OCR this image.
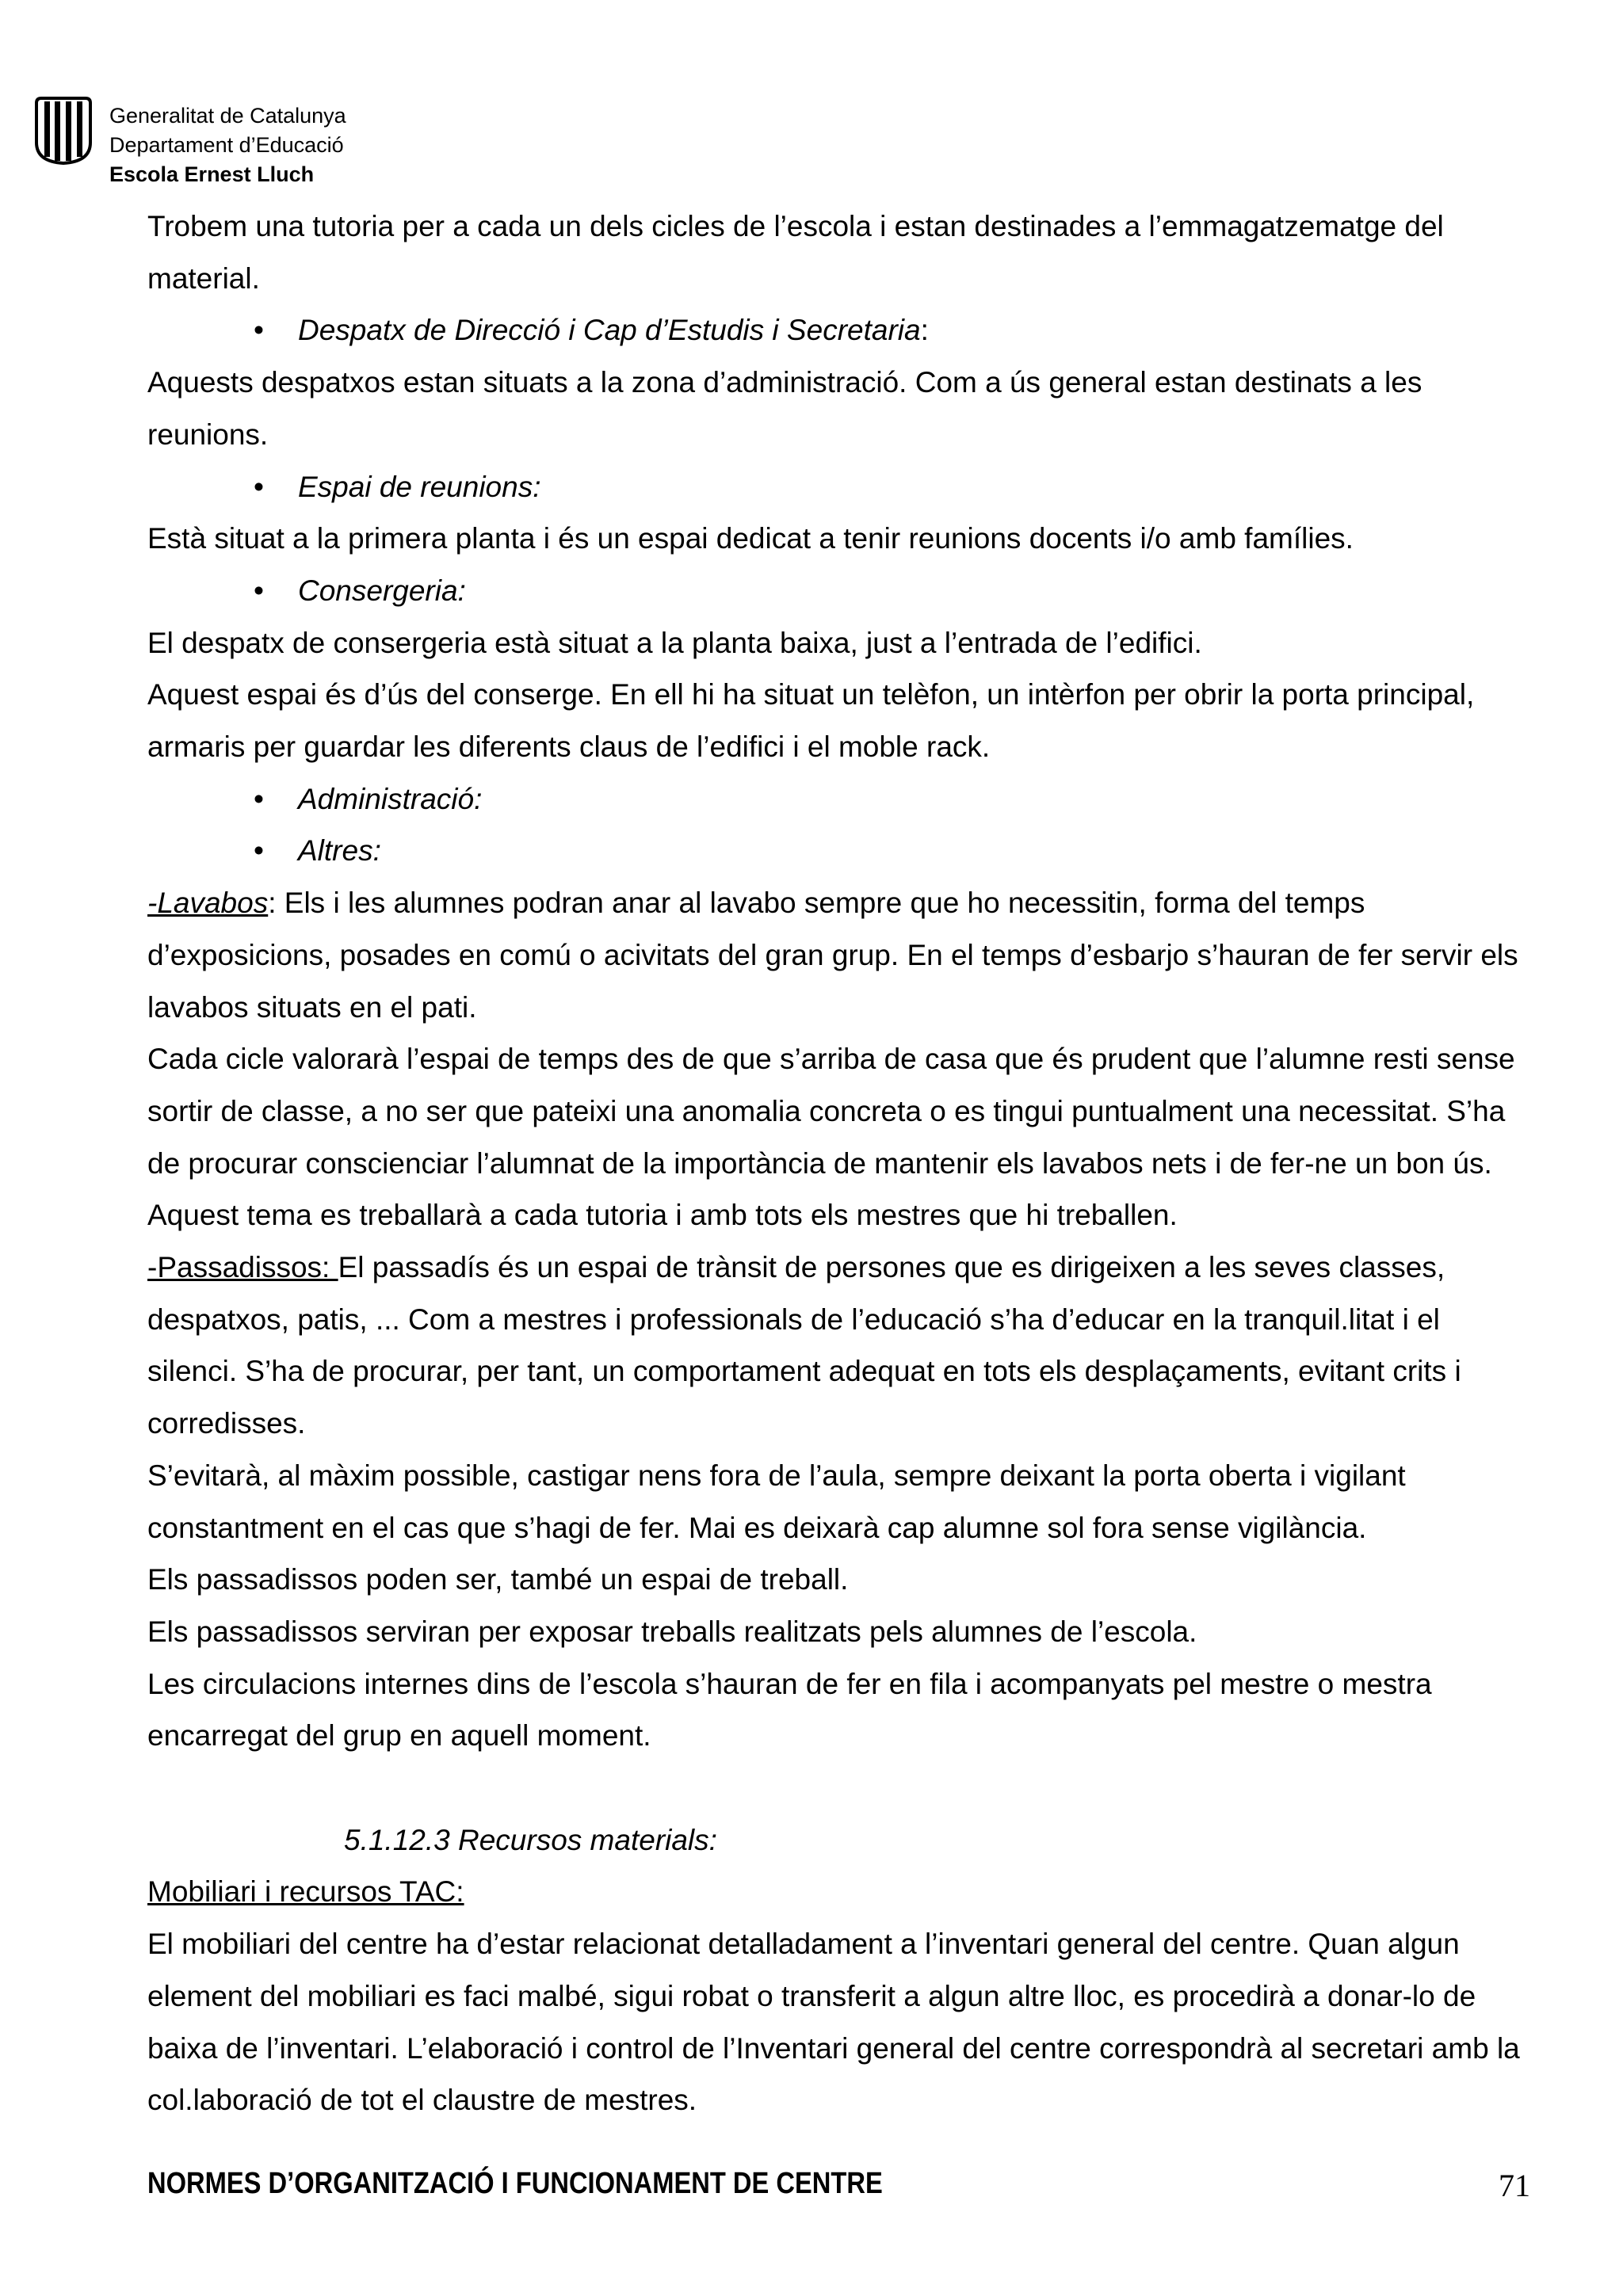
Generalitat de Catalunya
Departament d’Educació
Escola Ernest Lluch

Trobem una tutoria per a cada un dels cicles de l’escola i estan destinades a l’emmagatzematge del material.

• Despatx de Direcció i Cap d’Estudis i Secretaria:

Aquests despatxos estan situats a la zona d’administració. Com a ús general estan destinats a les reunions.

• Espai de reunions:

Està situat a la primera planta i és un espai dedicat a tenir reunions docents i/o amb famílies.

• Consergeria:

El despatx de consergeria està situat a la planta baixa, just a l’entrada de l’edifici.

Aquest espai és d’ús del conserge. En ell hi ha situat un telèfon, un intèrfon per obrir la porta principal, armaris per guardar les diferents claus de l’edifici i el moble rack.

• Administració:

• Altres:

-Lavabos: Els i les alumnes podran anar al lavabo sempre que ho necessitin, forma del temps d’exposicions, posades en comú o acivitats del gran grup. En el temps d’esbarjo s’hauran de fer servir els lavabos situats en el pati.

Cada cicle valorarà l’espai de temps des de que s’arriba de casa que és prudent que l’alumne resti sense sortir de classe, a no ser que pateixi una anomalia concreta o es tingui puntualment una necessitat. S’ha de procurar conscienciar l’alumnat de la importància de mantenir els lavabos nets i de fer-ne un bon ús. Aquest tema es treballarà a cada tutoria i amb tots els mestres que hi treballen.

-Passadissos: El passadís és un espai de trànsit de persones que es dirigeixen a les seves classes, despatxos, patis, ... Com a mestres i professionals de l’educació s’ha d’educar en la tranquil.litat i el silenci. S’ha de procurar, per tant, un comportament adequat en tots els desplaçaments, evitant crits i corredisses.

S’evitarà, al màxim possible, castigar nens fora de l’aula, sempre deixant la porta oberta i vigilant constantment en el cas que s’hagi de fer. Mai es deixarà cap alumne sol fora sense vigilància.

Els passadissos poden ser, també un espai de treball.

Els passadissos serviran per exposar treballs realitzats pels alumnes de l’escola.

Les circulacions internes dins de l’escola s’hauran de fer en fila i acompanyats pel mestre o mestra encarregat del grup en aquell moment.

5.1.12.3 Recursos materials:

Mobiliari i recursos TAC:

El mobiliari del centre ha d’estar relacionat detalladament a l’inventari general del centre. Quan algun element del mobiliari es faci malbé, sigui robat o transferit a algun altre lloc, es procedirà a donar-lo de baixa de l’inventari. L’elaboració i control de l’Inventari general del centre correspondrà al secretari amb la col.laboració de tot el claustre de mestres.

NORMES D’ORGANITZACIÓ I FUNCIONAMENT DE CENTRE	71
